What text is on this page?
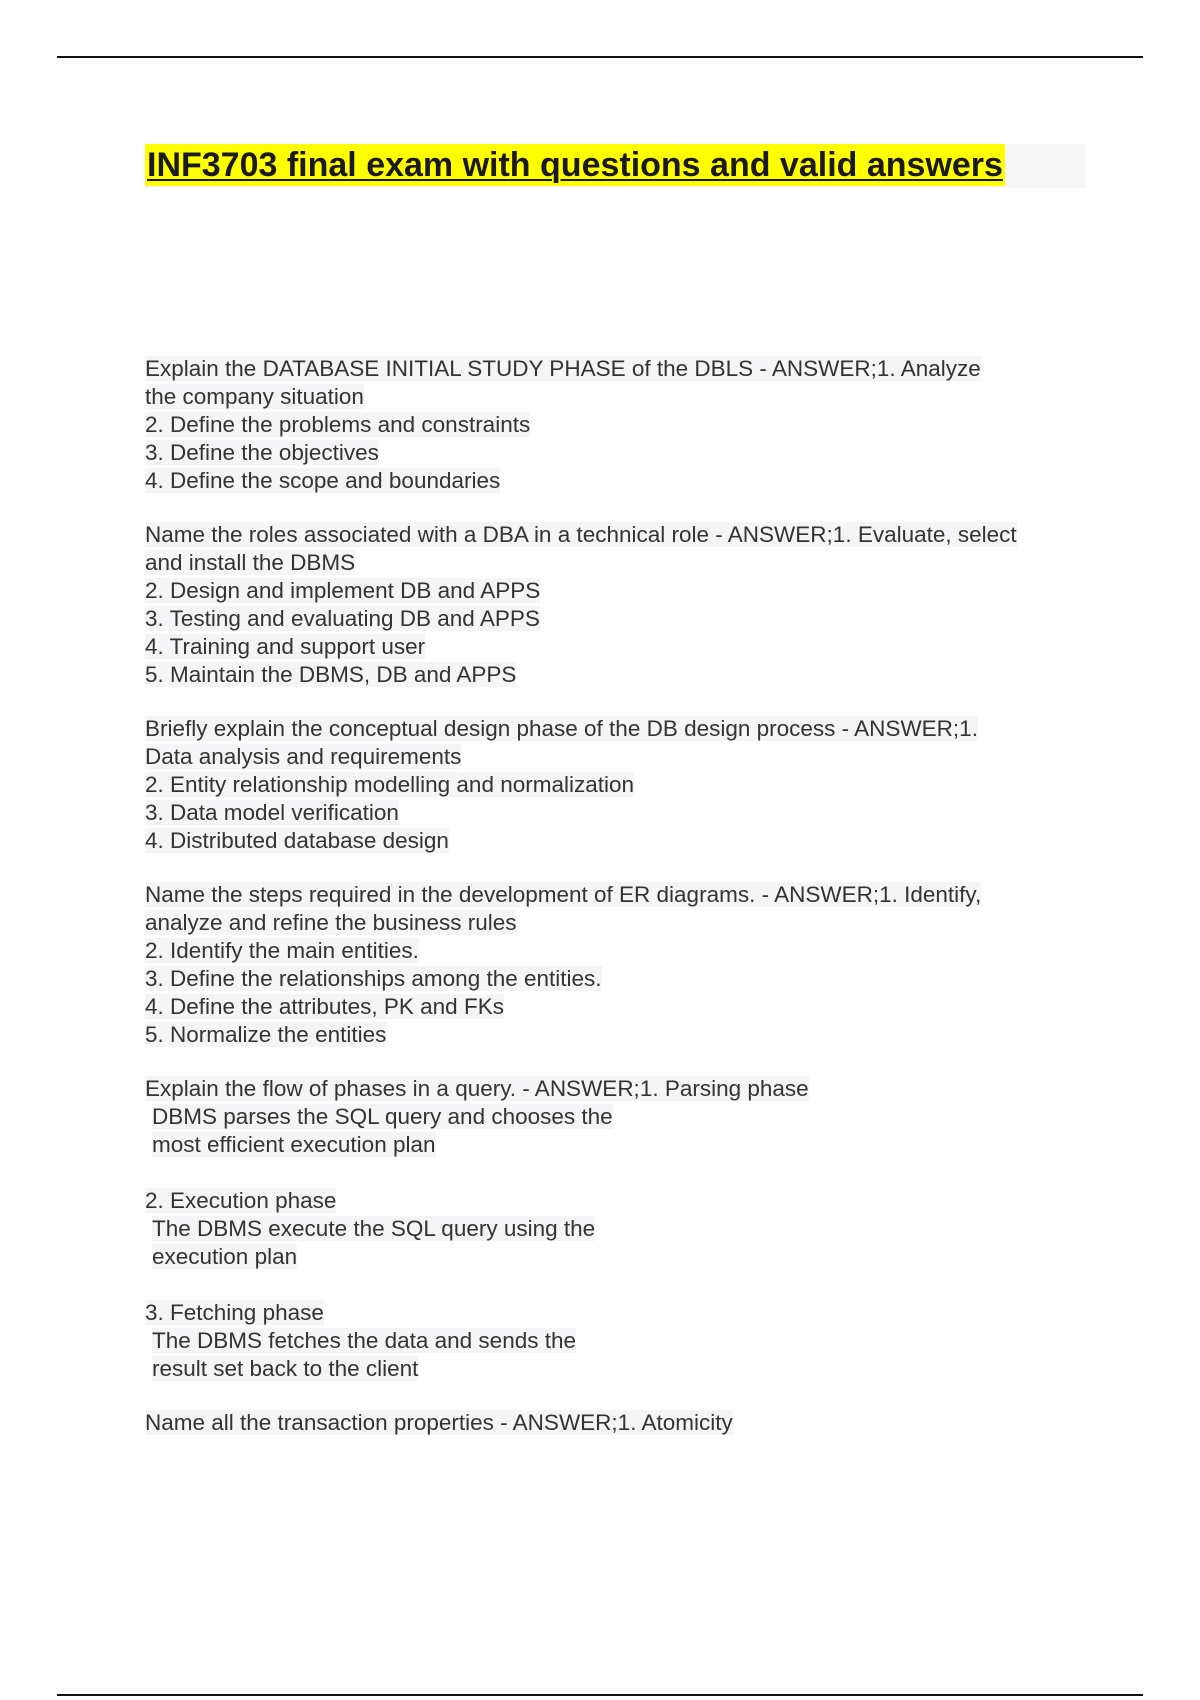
INF3703 final exam with questions and valid answers
Explain the DATABASE INITIAL STUDY PHASE of the DBLS - ANSWER;1. Analyze
the company situation
2. Define the problems and constraints
3. Define the objectives
4. Define the scope and boundaries
Name the roles associated with a DBA in a technical role - ANSWER;1. Evaluate, select
and install the DBMS
2. Design and implement DB and APPS
3. Testing and evaluating DB and APPS
4. Training and support user
5. Maintain the DBMS, DB and APPS
Briefly explain the conceptual design phase of the DB design process - ANSWER;1.
Data analysis and requirements
2. Entity relationship modelling and normalization
3. Data model verification
4. Distributed database design
Name the steps required in the development of ER diagrams. - ANSWER;1. Identify,
analyze and refine the business rules
2. Identify the main entities.
3. Define the relationships among the entities.
4. Define the attributes, PK and FKs
5. Normalize the entities
Explain the flow of phases in a query. - ANSWER;1. Parsing phase
DBMS parses the SQL query and chooses the
most efficient execution plan
2. Execution phase
The DBMS execute the SQL query using the
execution plan
3. Fetching phase
The DBMS fetches the data and sends the
result set back to the client
Name all the transaction properties - ANSWER;1. Atomicity
